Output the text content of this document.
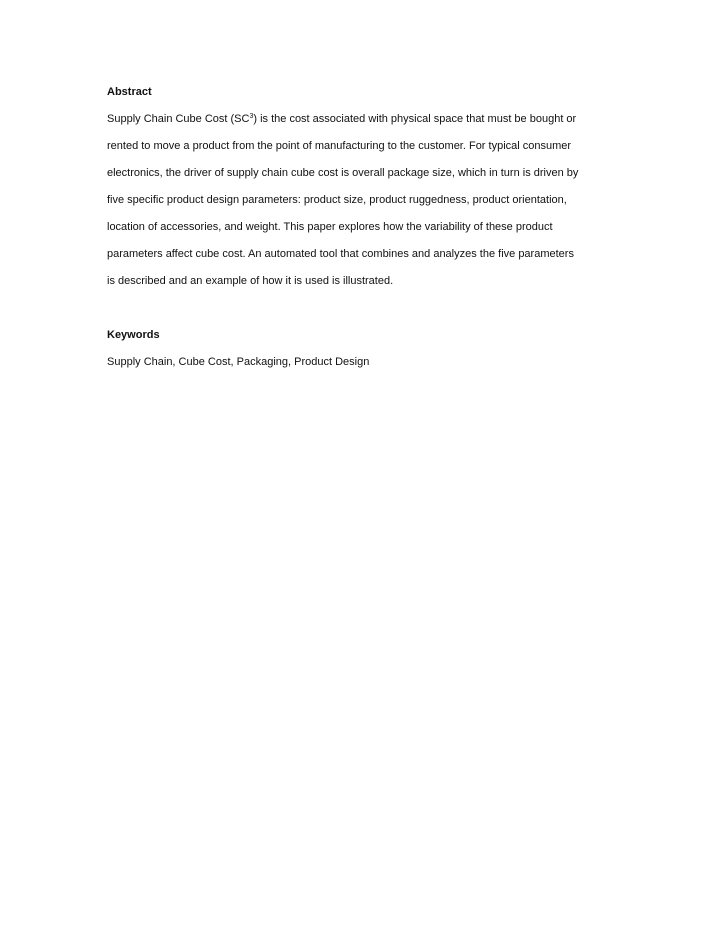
Abstract
Supply Chain Cube Cost $(SC^3)$ is the cost associated with physical space that must be bought or
rented to move a product from the point of manufacturing to the customer. For typical consumer
electronics, the driver of supply chain cube cost is overall package size, which in turn is driven by
five specific product design parameters: product size, product ruggedness, product orientation,
location of accessories, and weight. This paper explores how the variability of these product
parameters affect cube cost. An automated tool that combines and analyzes the five parameters
is described and an example of how it is used is illustrated.
Keywords
Supply Chain, Cube Cost, Packaging, Product Design
